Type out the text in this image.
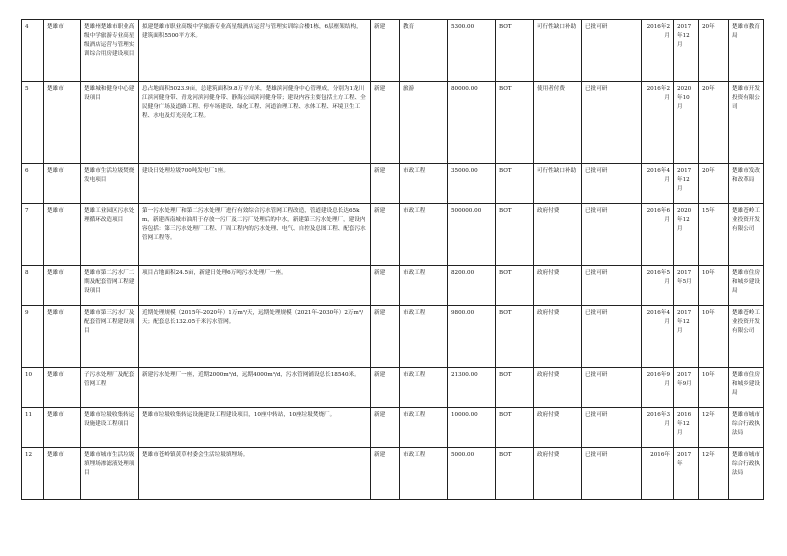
4	楚雄市	楚雄州楚雄市职业高级中学旅游专业高星级酒店运营与管理实训综合用房建设项目	拟建楚雄市职业高级中学旅游专业高星级酒店运营与管理实训综合楼1栋，6层框架结构，建筑面积5500平方米。	新建	教育	5300.00	BOT	可行性缺口补助	已批可研	2016年2月	2017年12月	20年	楚雄市教育局
5	楚雄市	楚雄城和健身中心建设项目	总占地面积5023.9亩，总建筑面积9.8万平方米，楚雄滨河健身中心管理成，分别为1龙川江滨河健身带、青龙河滨河健身带、静海公园滨河健身带；建设内容主要包括土方工程、全民健身广场及道路工程、停车场建设、绿化工程、河道治理工程、水体工程、环境卫生工程、水电及灯光亮化工程。	新建	旅游	80000.00	BOT	使用者付费	已批可研	2016年2月	2020年10月	20年	楚雄市开发投资有限公司
6	楚雄市	楚雄市生活垃圾焚烧发电项目	建设日处理垃圾700吨发电厂1座。	新建	市政工程	35000.00	BOT	可行性缺口补助	已批可研	2016年4月	2017年12月	20年	楚雄市发改和改革局
7	楚雄市	楚雄工业园区污水处理循环改造项目	第一污水处理厂和第二污水处理厂进行有效综合污水管网工程改造，管道建设总长达65km，新建西南城市油用于存放一污厂及二污厂处理后的中水，新建第三污水处理厂，建设内容包括：第三污水处理厂工程、厂周工程内的污水处理、电气、自控及总图工程、配套污水管网工程等。	新建	市政工程	500000.00	BOT	政府付费	已批可研	2016年6月	2020年12月	15年	楚雄苍岭工业投资开发有限公司
8	楚雄市	楚雄市第二污水厂二期及配套管网工程建设项目	项目占地面积24.5亩，新建日处理6万吨污水处理厂一座。	新建	市政工程	8200.00	BOT	政府付费	已批可研	2016年5月	2017年5月	10年	楚雄市住房和城乡建设局
9	楚雄市	楚雄市第三污水厂及配套管网工程建设项目	近期处理规模（2015年-2020年）1万m³/天，远期处理规模（2021年-2030年）2万m³/天；配套总长132.05千米污水管网。	新建	市政工程	9800.00	BOT	政府付费	已批可研	2016年4月	2017年12月	10年	楚雄苍岭工业投资开发有限公司
10	楚雄市	子污水处理厂及配套管网工程	新建污水处理厂一座，近期2000m³/d，远期4000m³/d，污水管网铺设总长18540米。	新建	市政工程	21300.00	BOT	政府付费	已批可研	2016年9月	2017年9月	10年	楚雄市住房和城乡建设局
11	楚雄市	楚雄市垃圾收集转运设施建设工程项目	楚雄市垃圾收集转运设施建设工程建设项目，10座中转站，10座垃圾焚烧厂。	新建	市政工程	10000.00	BOT	政府付费	已批可研	2016年3月	2016年12月	12年	楚雄市城市综合行政执法局
12	楚雄市	楚雄市城市生活垃圾填埋场渗滤液处理项目	楚雄市苍岭镇黄草村委会生活垃圾填埋场。	新建	市政工程	5000.00	BOT	政府付费	已批可研	2016年	2017年	12年	楚雄市城市综合行政执法局
